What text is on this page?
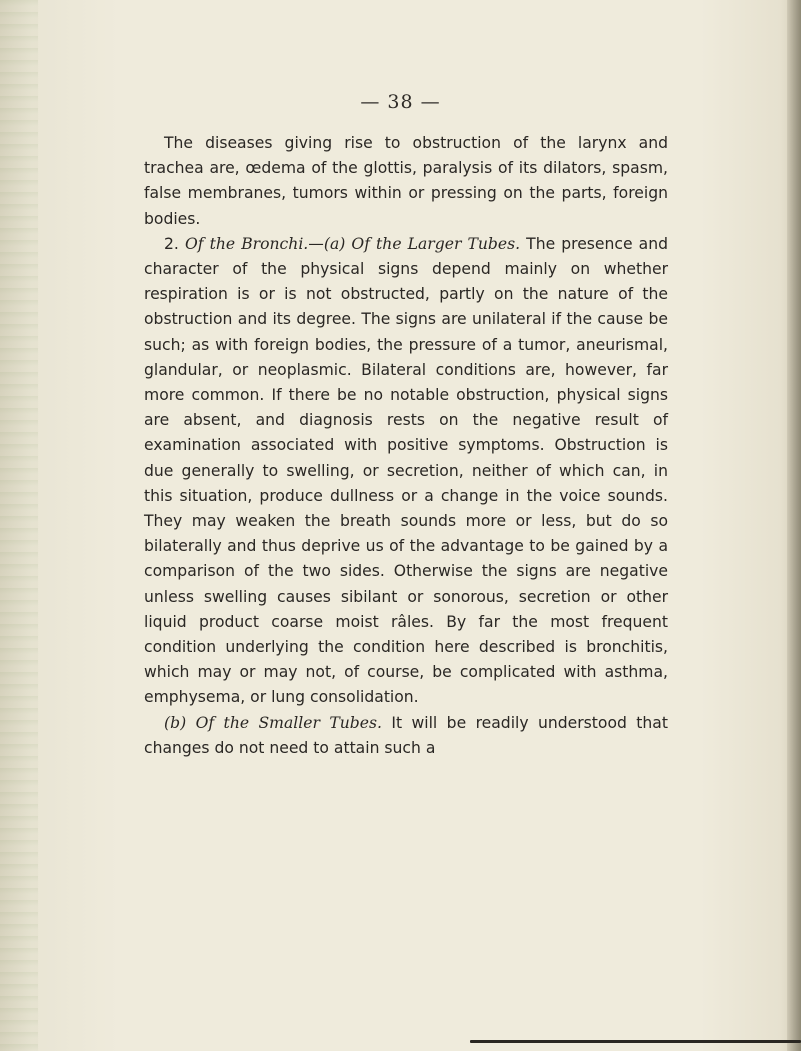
— 38 —

The diseases giving rise to obstruction of the larynx and trachea are, œdema of the glottis, paralysis of its dilators, spasm, false membranes, tumors within or pressing on the parts, foreign bodies.

2. Of the Bronchi.—(a) Of the Larger Tubes. The presence and character of the physical signs depend mainly on whether respiration is or is not obstructed, partly on the nature of the obstruction and its degree. The signs are unilateral if the cause be such; as with foreign bodies, the pressure of a tumor, aneurismal, glandular, or neoplasmic. Bilateral conditions are, however, far more common. If there be no notable obstruction, physical signs are absent, and diagnosis rests on the negative result of examination associated with positive symptoms. Obstruction is due generally to swelling, or secretion, neither of which can, in this situation, produce dullness or a change in the voice sounds. They may weaken the breath sounds more or less, but do so bilaterally and thus deprive us of the advantage to be gained by a comparison of the two sides. Otherwise the signs are negative unless swelling causes sibilant or sonorous, secretion or other liquid product coarse moist râles. By far the most frequent condition underlying the condition here described is bronchitis, which may or may not, of course, be complicated with asthma, emphysema, or lung consolidation.

(b) Of the Smaller Tubes. It will be readily understood that changes do not need to attain such a
